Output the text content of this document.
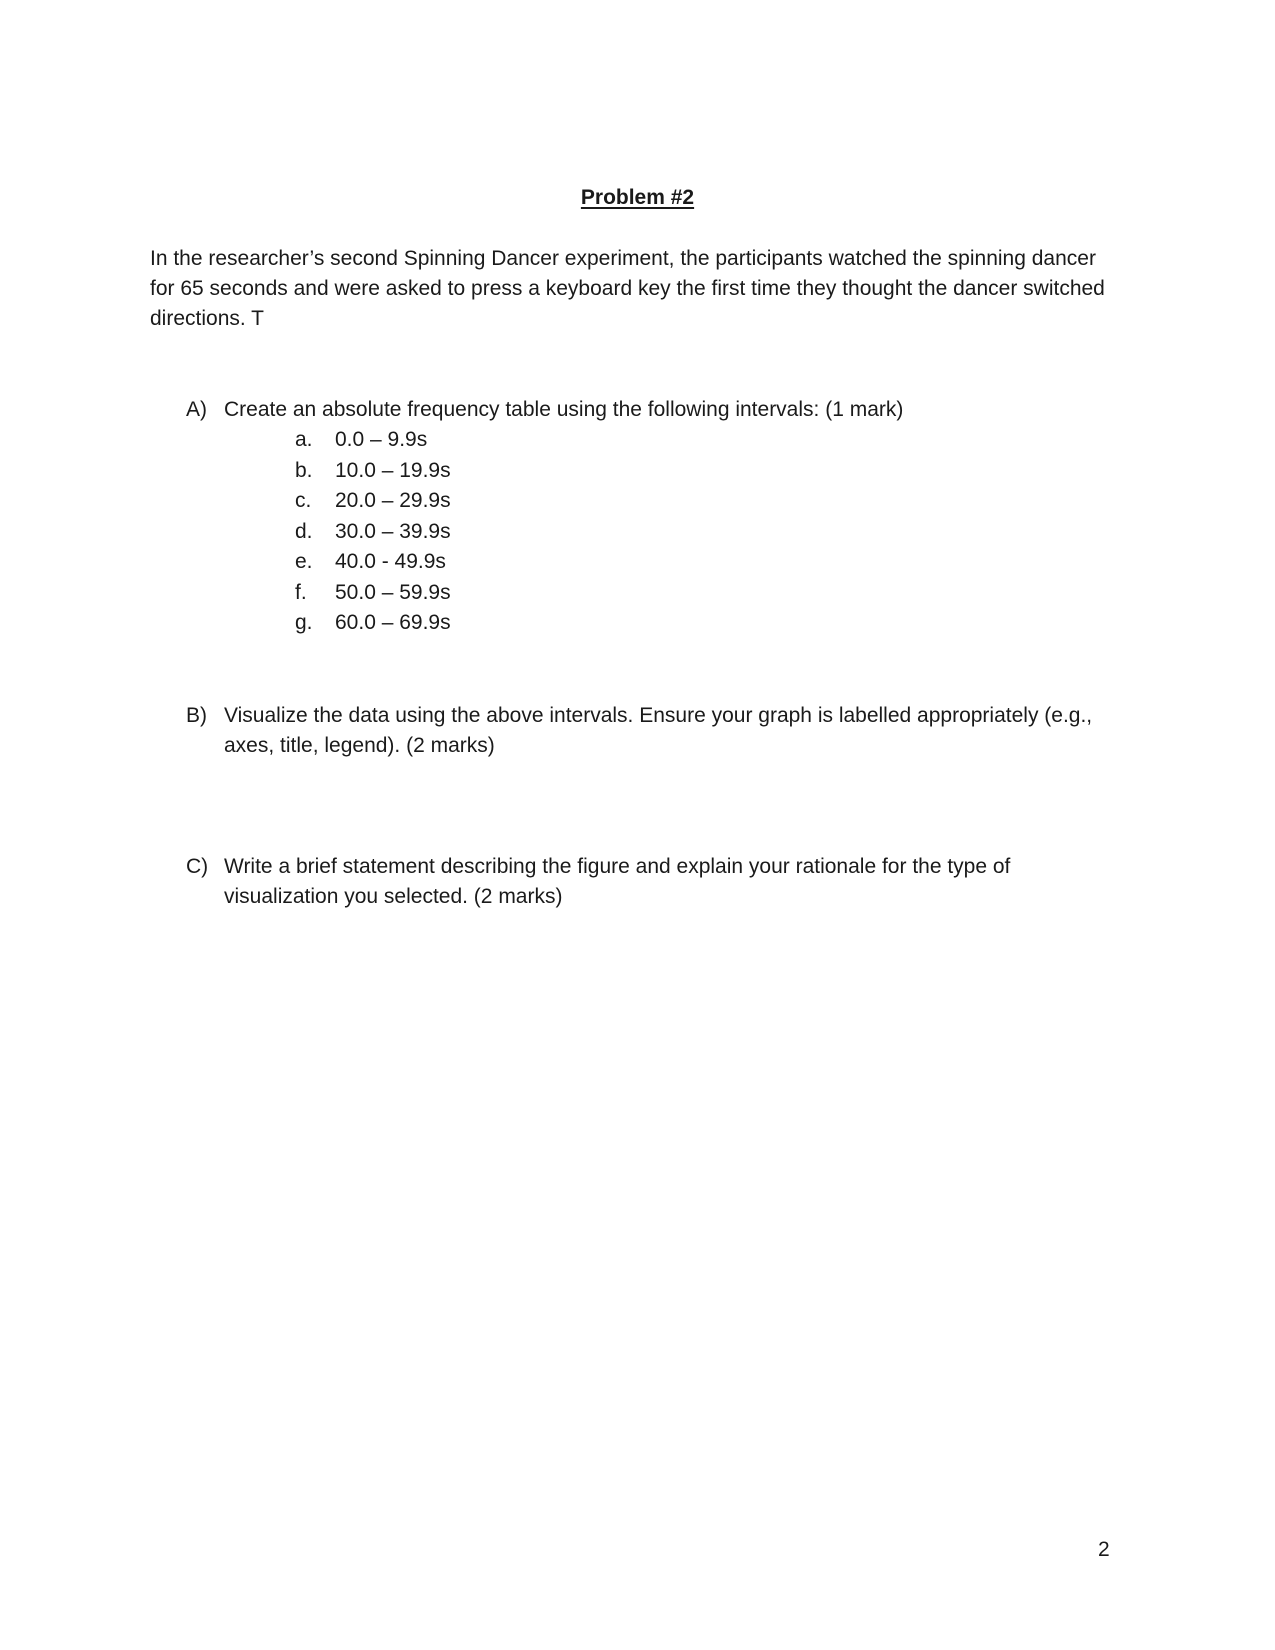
Problem #2

In the researcher’s second Spinning Dancer experiment, the participants watched the spinning dancer for 65 seconds and were asked to press a keyboard key the first time they thought the dancer switched directions. T

A) Create an absolute frequency table using the following intervals: (1 mark)
a. 0.0 – 9.9s
b. 10.0 – 19.9s
c. 20.0 – 29.9s
d. 30.0 – 39.9s
e. 40.0 - 49.9s
f. 50.0 – 59.9s
g. 60.0 – 69.9s
B) Visualize the data using the above intervals. Ensure your graph is labelled appropriately (e.g., axes, title, legend). (2 marks)
C) Write a brief statement describing the figure and explain your rationale for the type of visualization you selected. (2 marks)
2
